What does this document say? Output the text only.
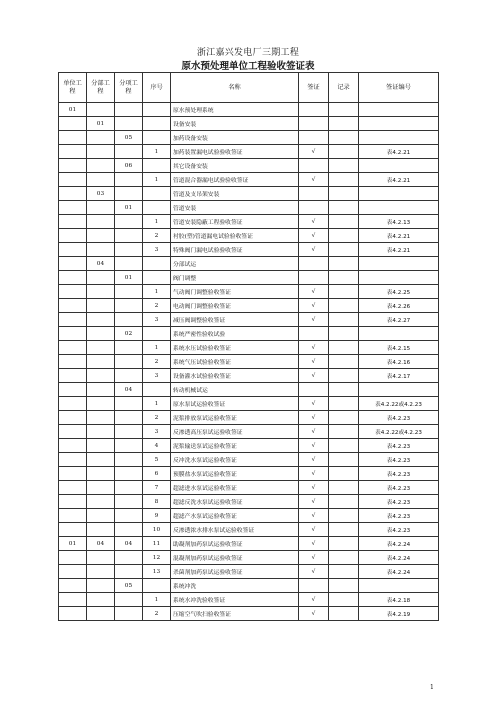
浙江嘉兴发电厂三期工程
原水预处理单位工程验收签证表
单位工程	分部工程	分项工程	序号	名称	签证	记录	签证编号
01				原水预处理系统			
	01			设备安装			
		05		加药设备安装			
			1	加药装置漏电试验验收签证	√		表4.2.21
		06		其它设备安装			
			1	管道混合器漏电试验验收签证	√		表4.2.21
	03			管道及支吊架安装			
		01		管道安装			
			1	管道安装隐蔽工程验收签证	√		表4.2.13
			2	衬胶(塑)管道漏电试验验收签证	√		表4.2.21
			3	特殊阀门漏电试验验收签证	√		表4.2.21
	04			分部试运			
		01		阀门调整			
			1	气动阀门调整验收签证	√		表4.2.25
			2	电动阀门调整验收签证	√		表4.2.26
			3	减压阀调整验收签证	√		表4.2.27
		02		系统严密性验收试验			
			1	系统水压试验验收签证	√		表4.2.15
			2	系统气压试验验收签证	√		表4.2.16
			3	设备灌水试验验收签证	√		表4.2.17
		04		转动机械试运			
			1	原水泵试运验收签证	√		表4.2.22或4.2.23
			2	泥浆排放泵试运验收签证	√		表4.2.23
			3	反渗透高压泵试运验收签证	√		表4.2.22或4.2.23
			4	泥浆输送泵试运验收签证	√		表4.2.23
			5	反冲洗水泵试运验收签证	√		表4.2.23
			6	预膜盐水泵试运验收签证	√		表4.2.23
			7	超滤进水泵试运验收签证	√		表4.2.23
			8	超滤反洗水泵试运验收签证	√		表4.2.23
			9	超滤产水泵试运验收签证	√		表4.2.23
			10	反渗透浓水排水泵试运验收签证	√		表4.2.23
01	04	04	11	助凝剂加药泵试运验收签证	√		表4.2.24
			12	混凝剂加药泵试运验收签证	√		表4.2.24
			13	杀菌剂加药泵试运验收签证	√		表4.2.24
		05		系统冲洗			
			1	系统水冲洗验收签证	√		表4.2.18
			2	压缩空气吹扫验收签证	√		表4.2.19
1
